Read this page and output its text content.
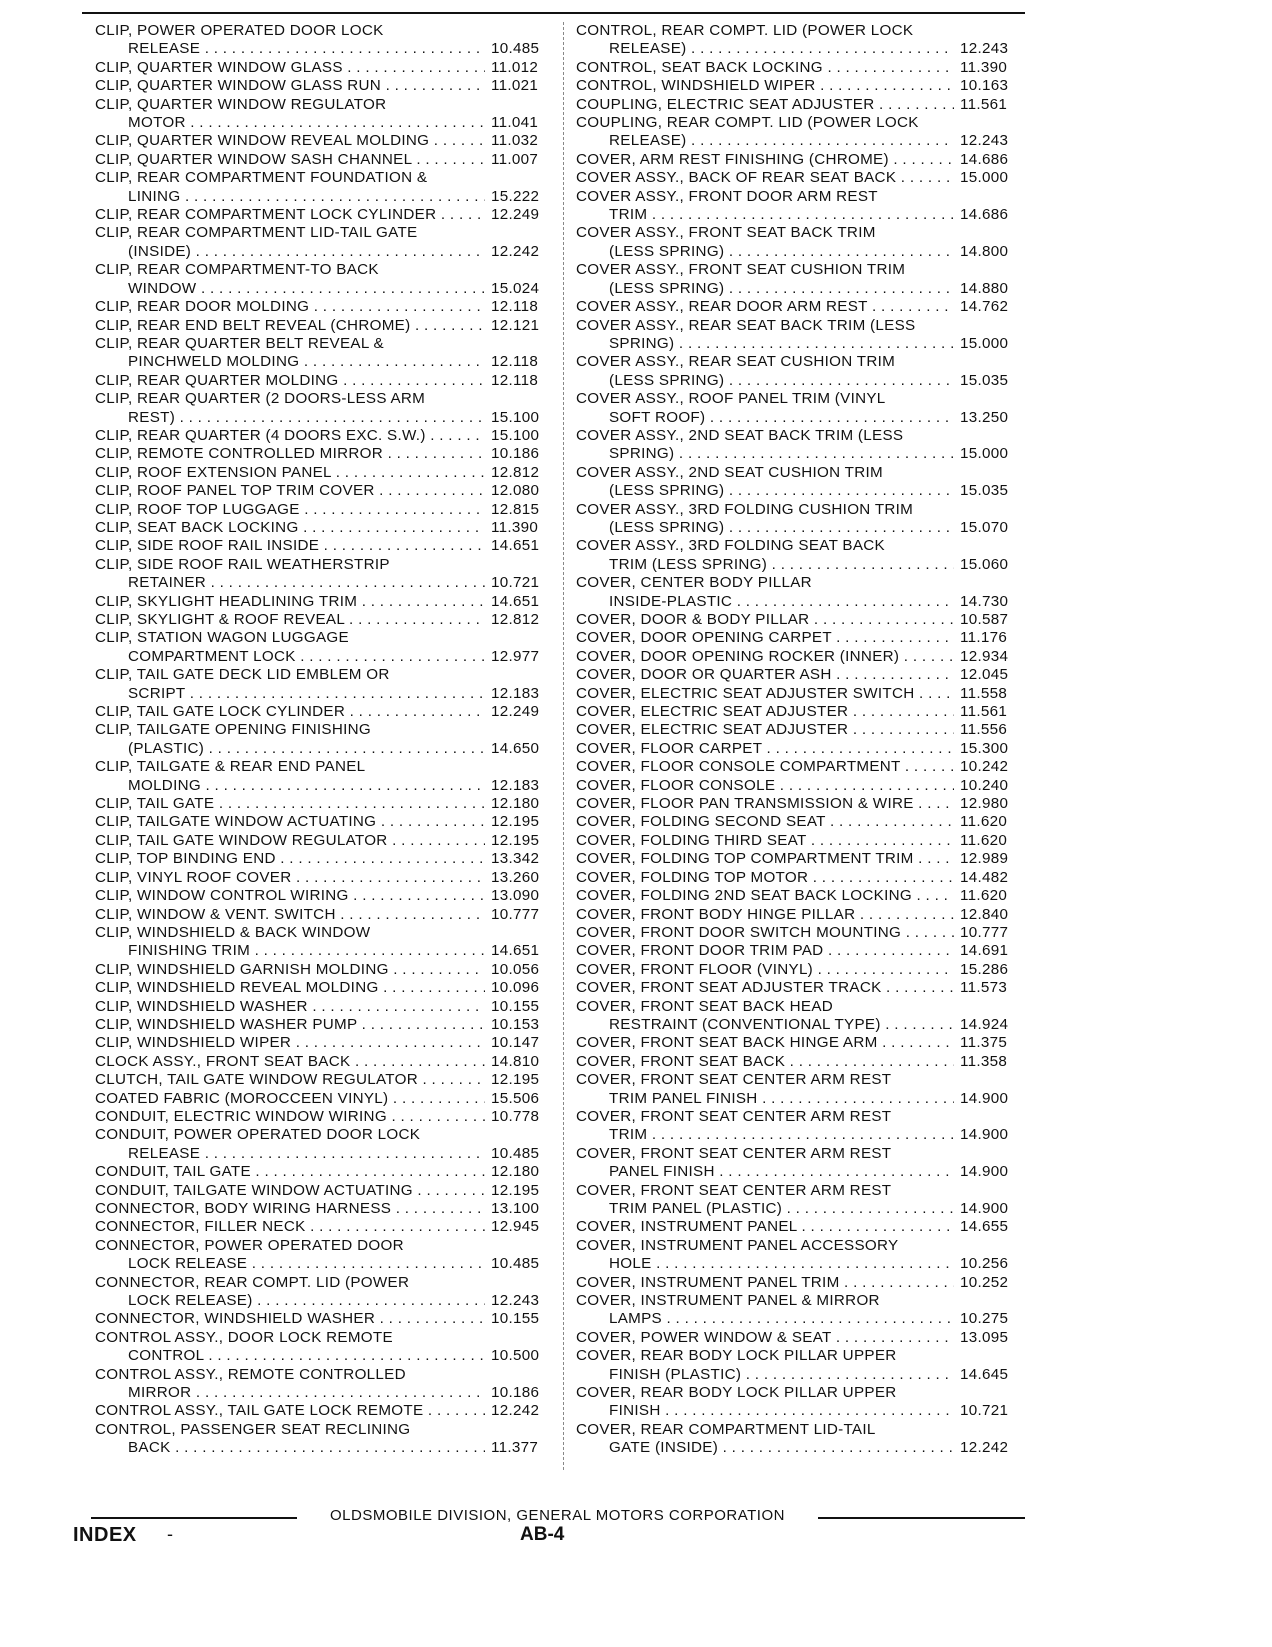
CLIP, POWER OPERATED DOOR LOCK
RELEASE . . .	10.485
CLIP, QUARTER WINDOW GLASS . . .	11.012
CLIP, QUARTER WINDOW GLASS RUN . . .	11.021
CLIP, QUARTER WINDOW REGULATOR
MOTOR . . .	11.041
CLIP, QUARTER WINDOW REVEAL MOLDING . . .	11.032
CLIP, QUARTER WINDOW SASH CHANNEL . . .	11.007
CLIP, REAR COMPARTMENT FOUNDATION &
LINING . . .	15.222
CLIP, REAR COMPARTMENT LOCK CYLINDER . . .	12.249
CLIP, REAR COMPARTMENT LID-TAIL GATE
(INSIDE) . . .	12.242
CLIP, REAR COMPARTMENT-TO BACK
WINDOW . . .	15.024
CLIP, REAR DOOR MOLDING . . .	12.118
CLIP, REAR END BELT REVEAL (CHROME) . . .	12.121
CLIP, REAR QUARTER BELT REVEAL &
PINCHWELD MOLDING . . .	12.118
CLIP, REAR QUARTER MOLDING . . .	12.118
CLIP, REAR QUARTER (2 DOORS-LESS ARM
REST) . . .	15.100
CLIP, REAR QUARTER (4 DOORS EXC. S.W.) . . .	15.100
CLIP, REMOTE CONTROLLED MIRROR . . .	10.186
CLIP, ROOF EXTENSION PANEL . . .	12.812
CLIP, ROOF PANEL TOP TRIM COVER . . .	12.080
CLIP, ROOF TOP LUGGAGE . . .	12.815
CLIP, SEAT BACK LOCKING . . .	11.390
CLIP, SIDE ROOF RAIL INSIDE . . .	14.651
CLIP, SIDE ROOF RAIL WEATHERSTRIP
RETAINER . . .	10.721
CLIP, SKYLIGHT HEADLINING TRIM . . .	14.651
CLIP, SKYLIGHT & ROOF REVEAL . . .	12.812
CLIP, STATION WAGON LUGGAGE
COMPARTMENT LOCK . . .	12.977
CLIP, TAIL GATE DECK LID EMBLEM OR
SCRIPT . . .	12.183
CLIP, TAIL GATE LOCK CYLINDER . . .	12.249
CLIP, TAILGATE OPENING FINISHING
(PLASTIC) . . .	14.650
CLIP, TAILGATE & REAR END PANEL
MOLDING . . .	12.183
CLIP, TAIL GATE . . .	12.180
CLIP, TAILGATE WINDOW ACTUATING . . .	12.195
CLIP, TAIL GATE WINDOW REGULATOR . . .	12.195
CLIP, TOP BINDING END . . .	13.342
CLIP, VINYL ROOF COVER . . .	13.260
CLIP, WINDOW CONTROL WIRING . . .	13.090
CLIP, WINDOW & VENT. SWITCH . . .	10.777
CLIP, WINDSHIELD & BACK WINDOW
FINISHING TRIM . . .	14.651
CLIP, WINDSHIELD GARNISH MOLDING . . .	10.056
CLIP, WINDSHIELD REVEAL MOLDING . . .	10.096
CLIP, WINDSHIELD WASHER . . .	10.155
CLIP, WINDSHIELD WASHER PUMP . . .	10.153
CLIP, WINDSHIELD WIPER . . .	10.147
CLOCK ASSY., FRONT SEAT BACK . . .	14.810
CLUTCH, TAIL GATE WINDOW REGULATOR . . .	12.195
COATED FABRIC (MOROCCEEN VINYL) . . .	15.506
CONDUIT, ELECTRIC WINDOW WIRING . . .	10.778
CONDUIT, POWER OPERATED DOOR LOCK
RELEASE . . .	10.485
CONDUIT, TAIL GATE . . .	12.180
CONDUIT, TAILGATE WINDOW ACTUATING . . .	12.195
CONNECTOR, BODY WIRING HARNESS . . .	13.100
CONNECTOR, FILLER NECK . . .	12.945
CONNECTOR, POWER OPERATED DOOR
LOCK RELEASE . . .	10.485
CONNECTOR, REAR COMPT. LID (POWER
LOCK RELEASE) . . .	12.243
CONNECTOR, WINDSHIELD WASHER . . .	10.155
CONTROL ASSY., DOOR LOCK REMOTE
CONTROL . . .	10.500
CONTROL ASSY., REMOTE CONTROLLED
MIRROR . . .	10.186
CONTROL ASSY., TAIL GATE LOCK REMOTE . . .	12.242
CONTROL, PASSENGER SEAT RECLINING
BACK . . .	11.377
CONTROL, REAR COMPT. LID (POWER LOCK
RELEASE) . . .	12.243
CONTROL, SEAT BACK LOCKING . . .	11.390
CONTROL, WINDSHIELD WIPER . . .	10.163
COUPLING, ELECTRIC SEAT ADJUSTER . . .	11.561
COUPLING, REAR COMPT. LID (POWER LOCK
RELEASE) . . .	12.243
COVER, ARM REST FINISHING (CHROME) . . .	14.686
COVER ASSY., BACK OF REAR SEAT BACK . . .	15.000
COVER ASSY., FRONT DOOR ARM REST
TRIM . . .	14.686
COVER ASSY., FRONT SEAT BACK TRIM
(LESS SPRING) . . .	14.800
COVER ASSY., FRONT SEAT CUSHION TRIM
(LESS SPRING) . . .	14.880
COVER ASSY., REAR DOOR ARM REST . . .	14.762
COVER ASSY., REAR SEAT BACK TRIM (LESS
SPRING) . . .	15.000
COVER ASSY., REAR SEAT CUSHION TRIM
(LESS SPRING) . . .	15.035
COVER ASSY., ROOF PANEL TRIM (VINYL
SOFT ROOF) . . .	13.250
COVER ASSY., 2ND SEAT BACK TRIM (LESS
SPRING) . . .	15.000
COVER ASSY., 2ND SEAT CUSHION TRIM
(LESS SPRING) . . .	15.035
COVER ASSY., 3RD FOLDING CUSHION TRIM
(LESS SPRING) . . .	15.070
COVER ASSY., 3RD FOLDING SEAT BACK
TRIM (LESS SPRING) . . .	15.060
COVER, CENTER BODY PILLAR
INSIDE-PLASTIC . . .	14.730
COVER, DOOR & BODY PILLAR . . .	10.587
COVER, DOOR OPENING CARPET . . .	11.176
COVER, DOOR OPENING ROCKER (INNER) . . .	12.934
COVER, DOOR OR QUARTER ASH . . .	12.045
COVER, ELECTRIC SEAT ADJUSTER SWITCH . . .	11.558
COVER, ELECTRIC SEAT ADJUSTER . . .	11.561
COVER, ELECTRIC SEAT ADJUSTER . . .	11.556
COVER, FLOOR CARPET . . .	15.300
COVER, FLOOR CONSOLE COMPARTMENT . . .	10.242
COVER, FLOOR CONSOLE . . .	10.240
COVER, FLOOR PAN TRANSMISSION & WIRE . . .	12.980
COVER, FOLDING SECOND SEAT . . .	11.620
COVER, FOLDING THIRD SEAT . . .	11.620
COVER, FOLDING TOP COMPARTMENT TRIM . . .	12.989
COVER, FOLDING TOP MOTOR . . .	14.482
COVER, FOLDING 2ND SEAT BACK LOCKING . . .	11.620
COVER, FRONT BODY HINGE PILLAR . . .	12.840
COVER, FRONT DOOR SWITCH MOUNTING . . .	10.777
COVER, FRONT DOOR TRIM PAD . . .	14.691
COVER, FRONT FLOOR (VINYL) . . .	15.286
COVER, FRONT SEAT ADJUSTER TRACK . . .	11.573
COVER, FRONT SEAT BACK HEAD
RESTRAINT (CONVENTIONAL TYPE) . . .	14.924
COVER, FRONT SEAT BACK HINGE ARM . . .	11.375
COVER, FRONT SEAT BACK . . .	11.358
COVER, FRONT SEAT CENTER ARM REST
TRIM PANEL FINISH . . .	14.900
COVER, FRONT SEAT CENTER ARM REST
TRIM . . .	14.900
COVER, FRONT SEAT CENTER ARM REST
PANEL FINISH . . .	14.900
COVER, FRONT SEAT CENTER ARM REST
TRIM PANEL (PLASTIC) . . .	14.900
COVER, INSTRUMENT PANEL . . .	14.655
COVER, INSTRUMENT PANEL ACCESSORY
HOLE . . .	10.256
COVER, INSTRUMENT PANEL TRIM . . .	10.252
COVER, INSTRUMENT PANEL & MIRROR
LAMPS . . .	10.275
COVER, POWER WINDOW & SEAT . . .	13.095
COVER, REAR BODY LOCK PILLAR UPPER
FINISH (PLASTIC) . . .	14.645
COVER, REAR BODY LOCK PILLAR UPPER
FINISH . . .	10.721
COVER, REAR COMPARTMENT LID-TAIL
GATE (INSIDE) . . .	12.242
OLDSMOBILE DIVISION, GENERAL MOTORS CORPORATION
INDEX -	AB-4
